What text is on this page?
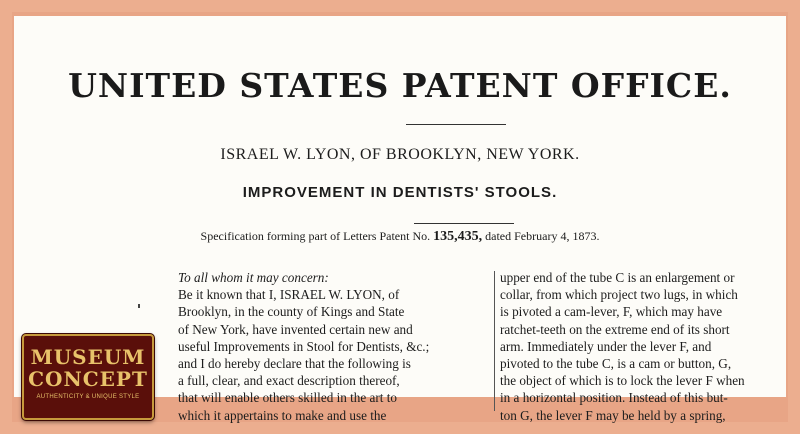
UNITED STATES PATENT OFFICE.
ISRAEL W. LYON, OF BROOKLYN, NEW YORK.
IMPROVEMENT IN DENTISTS' STOOLS.
Specification forming part of Letters Patent No. 135,435, dated February 4, 1873.
To all whom it may concern:
Be it known that I, ISRAEL W. LYON, of
Brooklyn, in the county of Kings and State
of New York, have invented certain new and
useful Improvements in Stool for Dentists, &c.;
and I do hereby declare that the following is
a full, clear, and exact description thereof,
that will enable others skilled in the art to
which it appertains to make and use the
upper end of the tube C is an enlargement or
collar, from which project two lugs, in which
is pivoted a cam-lever, F, which may have
ratchet-teeth on the extreme end of its short
arm. Immediately under the lever F, and
pivoted to the tube C, is a cam or button, G,
the object of which is to lock the lever F when
in a horizontal position. Instead of this but-
ton G, the lever F may be held by a spring,
MUSEUM
CONCEPT
AUTHENTICITY & UNIQUE STYLE
